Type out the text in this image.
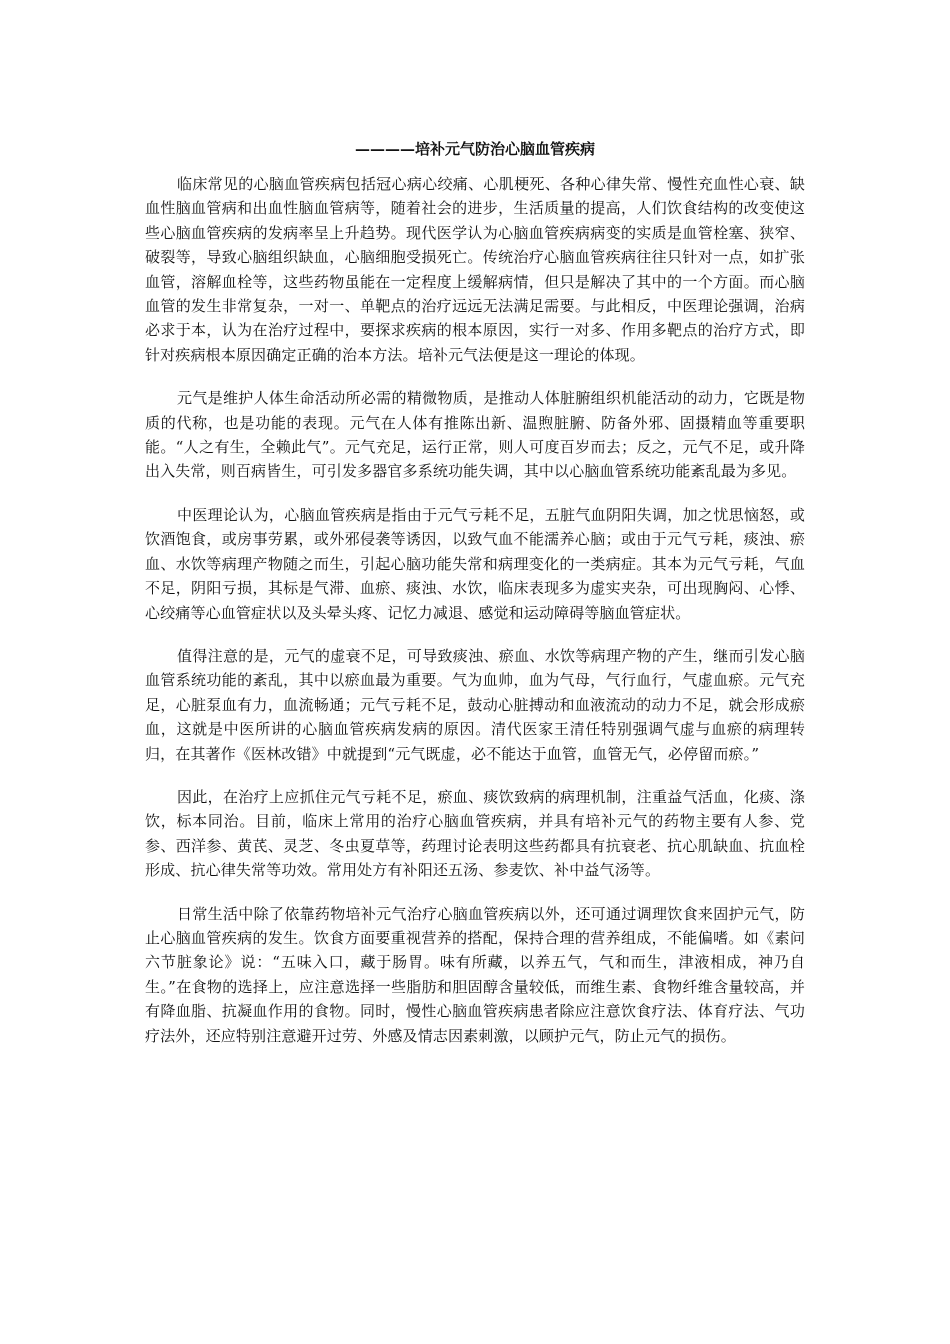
————培补元气防治心脑血管疾病

临床常见的心脑血管疾病包括冠心病心绞痛、心肌梗死、各种心律失常、慢性充血性心衰、缺血性脑血管病和出血性脑血管病等，随着社会的进步，生活质量的提高，人们饮食结构的改变使这些心脑血管疾病的发病率呈上升趋势。现代医学认为心脑血管疾病病变的实质是血管栓塞、狭窄、破裂等，导致心脑组织缺血，心脑细胞受损死亡。传统治疗心脑血管疾病往往只针对一点，如扩张血管，溶解血栓等，这些药物虽能在一定程度上缓解病情，但只是解决了其中的一个方面。而心脑血管的发生非常复杂，一对一、单靶点的治疗远远无法满足需要。与此相反，中医理论强调，治病必求于本，认为在治疗过程中，要探求疾病的根本原因，实行一对多、作用多靶点的治疗方式，即针对疾病根本原因确定正确的治本方法。培补元气法便是这一理论的体现。

元气是维护人体生命活动所必需的精微物质，是推动人体脏腑组织机能活动的动力，它既是物质的代称，也是功能的表现。元气在人体有推陈出新、温煦脏腑、防备外邪、固摄精血等重要职能。“人之有生，全赖此气”。元气充足，运行正常，则人可度百岁而去；反之，元气不足，或升降出入失常，则百病皆生，可引发多器官多系统功能失调，其中以心脑血管系统功能紊乱最为多见。

中医理论认为，心脑血管疾病是指由于元气亏耗不足，五脏气血阴阳失调，加之忧思恼怒，或饮酒饱食，或房事劳累，或外邪侵袭等诱因，以致气血不能濡养心脑；或由于元气亏耗，痰浊、瘀血、水饮等病理产物随之而生，引起心脑功能失常和病理变化的一类病症。其本为元气亏耗，气血不足，阴阳亏损，其标是气滞、血瘀、痰浊、水饮，临床表现多为虚实夹杂，可出现胸闷、心悸、心绞痛等心血管症状以及头晕头疼、记忆力减退、感觉和运动障碍等脑血管症状。

值得注意的是，元气的虚衰不足，可导致痰浊、瘀血、水饮等病理产物的产生，继而引发心脑血管系统功能的紊乱，其中以瘀血最为重要。气为血帅，血为气母，气行血行，气虚血瘀。元气充足，心脏泵血有力，血流畅通；元气亏耗不足，鼓动心脏搏动和血液流动的动力不足，就会形成瘀血，这就是中医所讲的心脑血管疾病发病的原因。清代医家王清任特别强调气虚与血瘀的病理转归，在其著作《医林改错》中就提到“元气既虚，必不能达于血管，血管无气，必停留而瘀。”

因此，在治疗上应抓住元气亏耗不足，瘀血、痰饮致病的病理机制，注重益气活血，化痰、涤饮，标本同治。目前，临床上常用的治疗心脑血管疾病，并具有培补元气的药物主要有人参、党参、西洋参、黄芪、灵芝、冬虫夏草等，药理讨论表明这些药都具有抗衰老、抗心肌缺血、抗血栓形成、抗心律失常等功效。常用处方有补阳还五汤、参麦饮、补中益气汤等。

日常生活中除了依靠药物培补元气治疗心脑血管疾病以外，还可通过调理饮食来固护元气，防止心脑血管疾病的发生。饮食方面要重视营养的搭配，保持合理的营养组成，不能偏嗜。如《素问六节脏象论》说：“五味入口，藏于肠胃。味有所藏，以养五气，气和而生，津液相成，神乃自生。”在食物的选择上，应注意选择一些脂肪和胆固醇含量较低，而维生素、食物纤维含量较高，并有降血脂、抗凝血作用的食物。同时，慢性心脑血管疾病患者除应注意饮食疗法、体育疗法、气功疗法外，还应特别注意避开过劳、外感及情志因素刺激，以顾护元气，防止元气的损伤。
